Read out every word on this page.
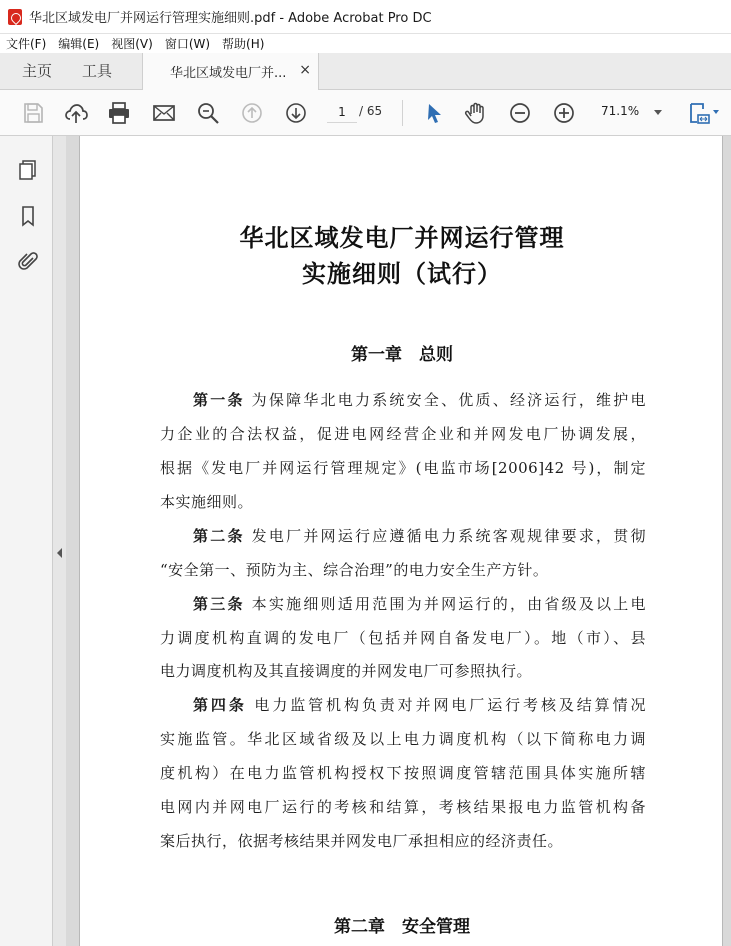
华北区域发电厂并网运行管理实施细则.pdf - Adobe Acrobat Pro DC
文件(F) 编辑(E) 视图(V) 窗口(W) 帮助(H)
主页 工具	华北区域发电厂并... ×
1
/ 65	71.1%
华北区域发电厂并网运行管理
实施细则（试行）
第一章　总则
第一条 为保障华北电力系统安全、优质、经济运行，维护电
力企业的合法权益，促进电网经营企业和并网发电厂协调发展，
根据《发电厂并网运行管理规定》(电监市场[2006]42 号)，制定
本实施细则。
第二条 发电厂并网运行应遵循电力系统客观规律要求，贯彻
“安全第一、预防为主、综合治理”的电力安全生产方针。
第三条 本实施细则适用范围为并网运行的，由省级及以上电
力调度机构直调的发电厂（包括并网自备发电厂）。地（市）、县
电力调度机构及其直接调度的并网发电厂可参照执行。
第四条 电力监管机构负责对并网电厂运行考核及结算情况
实施监管。华北区域省级及以上电力调度机构（以下简称电力调
度机构）在电力监管机构授权下按照调度管辖范围具体实施所辖
电网内并网电厂运行的考核和结算，考核结果报电力监管机构备
案后执行，依据考核结果并网发电厂承担相应的经济责任。
第二章　安全管理
